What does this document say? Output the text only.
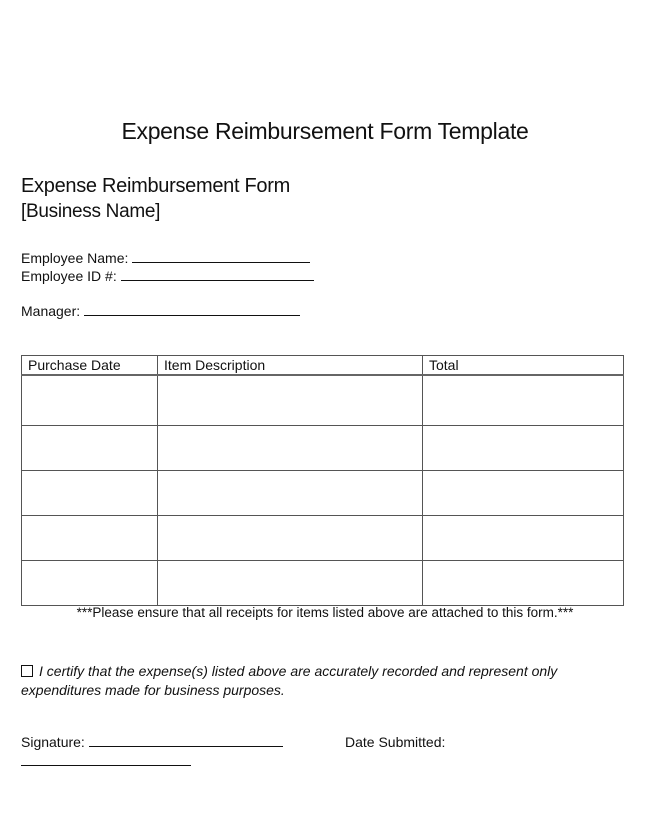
Expense Reimbursement Form Template
Expense Reimbursement Form
[Business Name]
Employee Name:
Employee ID #:
Manager:
Purchase Date	Item Description	Total

***Please ensure that all receipts for items listed above are attached to this form.***
I certify that the expense(s) listed above are accurately recorded and represent only expenditures made for business purposes.
Signature:	Date Submitted:
